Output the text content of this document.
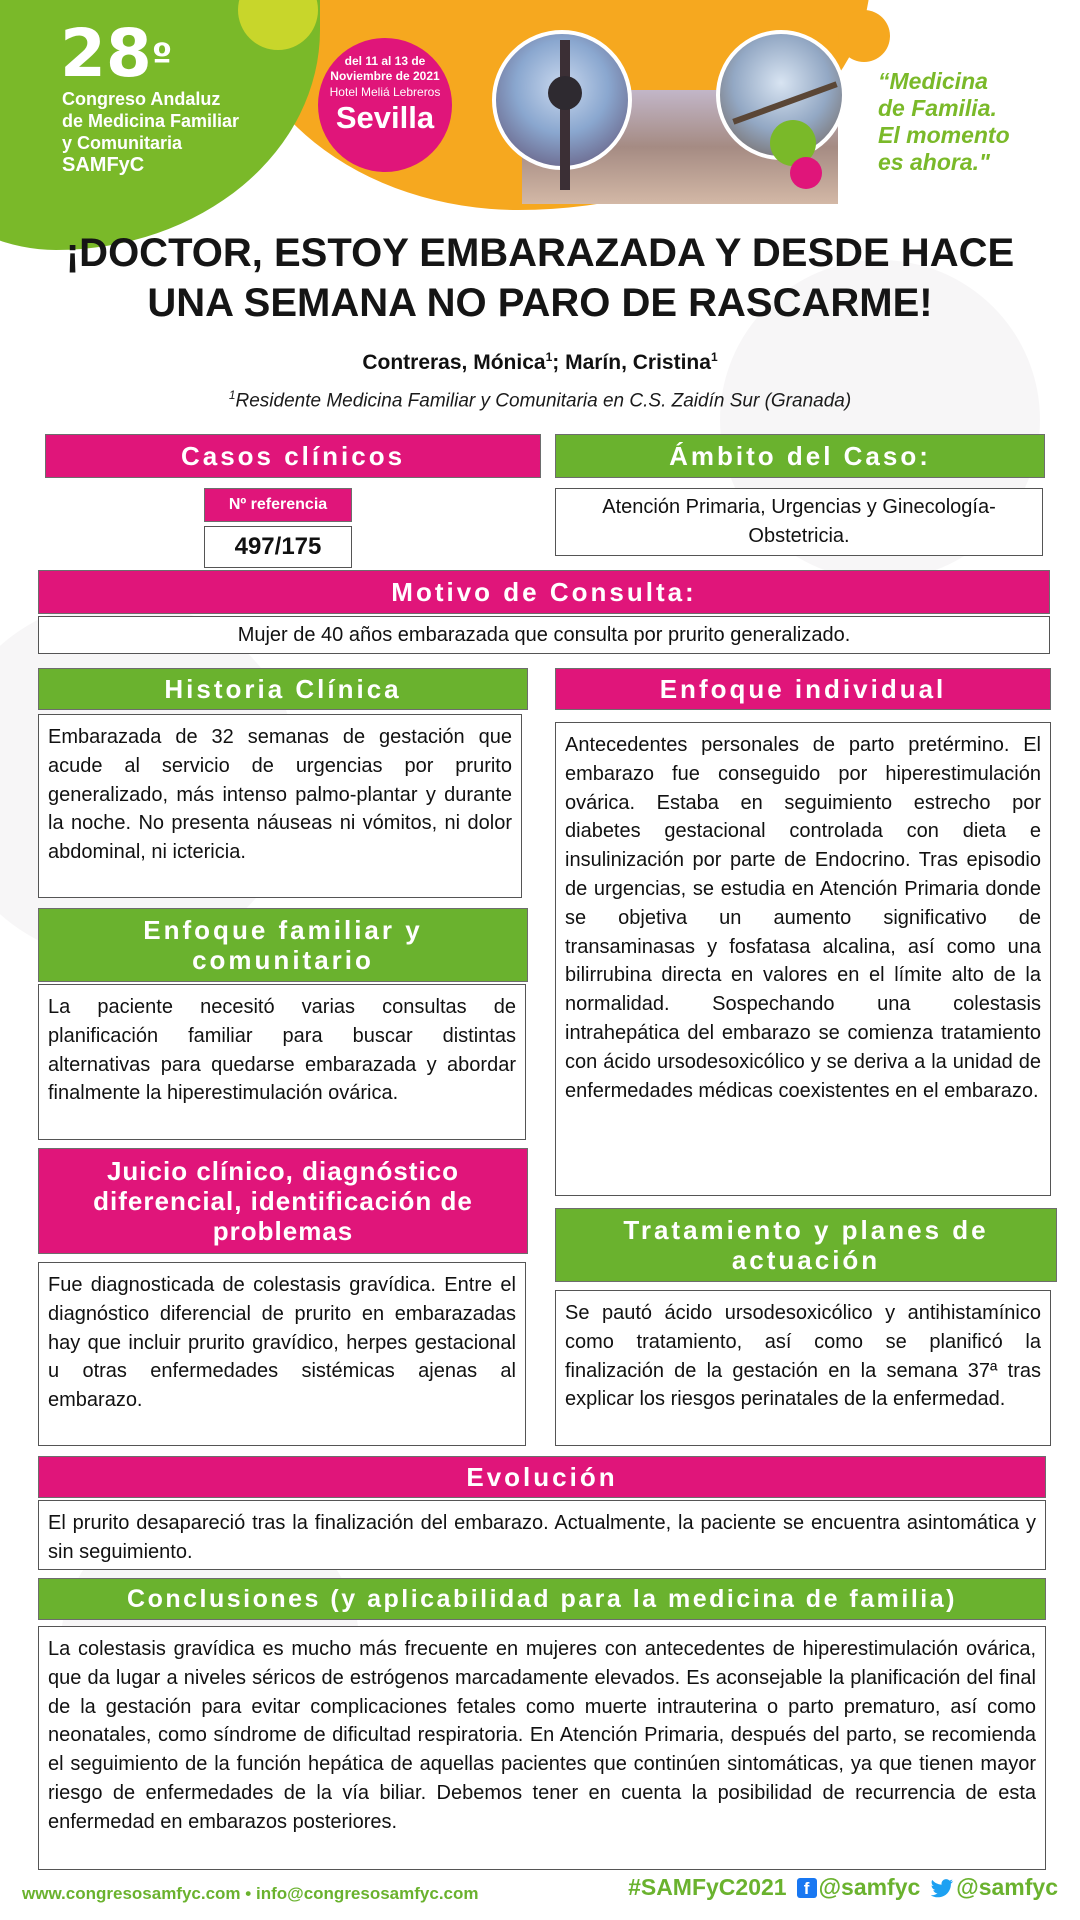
$28^º$
Congreso Andaluz
de Medicina Familiar
y Comunitaria
SAMFyC
del 11 al 13 de
Noviembre de 2021
Hotel Meliá Lebreros
Sevilla
“Medicina
de Familia.
El momento
es ahora."
¡DOCTOR, ESTOY EMBARAZADA Y DESDE HACE
UNA SEMANA NO PARO DE RASCARME!
Contreras, Mónica$^1$; Marín, Cristina$^1$
$^1$Residente Medicina Familiar y Comunitaria en C.S. Zaidín Sur (Granada)
Casos clínicos
Nº referencia
497/175
Ámbito del Caso:
Atención Primaria, Urgencias y Ginecología-Obstetricia.
Motivo de Consulta:
Mujer de 40 años embarazada que consulta por prurito generalizado.
Historia Clínica
Embarazada de 32 semanas de gestación que acude al servicio de urgencias por prurito generalizado, más intenso palmo-plantar y durante la noche. No presenta náuseas ni vómitos, ni dolor abdominal, ni ictericia.
Enfoque familiar y
comunitario
La paciente necesitó varias consultas de planificación familiar para buscar distintas alternativas para quedarse embarazada y abordar finalmente la hiperestimulación ovárica.
Juicio clínico, diagnóstico
diferencial, identificación de
problemas
Fue diagnosticada de colestasis gravídica. Entre el diagnóstico diferencial de prurito en embarazadas hay que incluir prurito gravídico, herpes gestacional u otras enfermedades sistémicas ajenas al embarazo.
Enfoque individual
Antecedentes personales de parto pretérmino. El embarazo fue conseguido por hiperestimulación ovárica. Estaba en seguimiento estrecho por diabetes gestacional controlada con dieta e insulinización por parte de Endocrino. Tras episodio de urgencias, se estudia en Atención Primaria donde se objetiva un aumento significativo de transaminasas y fosfatasa alcalina, así como una bilirrubina directa en valores en el límite alto de la normalidad. Sospechando una colestasis intrahepática del embarazo se comienza tratamiento con ácido ursodesoxicólico y se deriva a la unidad de enfermedades médicas coexistentes en el embarazo.
Tratamiento y planes de
actuación
Se pautó ácido ursodesoxicólico y antihistamínico como tratamiento, así como se planificó la finalización de la gestación en la semana 37ª tras explicar los riesgos perinatales de la enfermedad.
Evolución
El prurito desapareció tras la finalización del embarazo. Actualmente, la paciente se encuentra asintomática y sin seguimiento.
Conclusiones (y aplicabilidad para la medicina de familia)
La colestasis gravídica es mucho más frecuente en mujeres con antecedentes de hiperestimulación ovárica, que da lugar a niveles séricos de estrógenos marcadamente elevados. Es aconsejable la planificación del final de la gestación para evitar complicaciones fetales como muerte intrauterina o parto prematuro, así como neonatales, como síndrome de dificultad respiratoria. En Atención Primaria, después del parto, se recomienda el seguimiento de la función hepática de aquellas pacientes que continúen sintomáticas, ya que tienen mayor riesgo de enfermedades de la vía biliar. Debemos tener en cuenta la posibilidad de recurrencia de esta enfermedad en embarazos posteriores.
www.congresosamfyc.com • info@congresosamfyc.com	#SAMFyC2021	f @samfyc @samfyc
